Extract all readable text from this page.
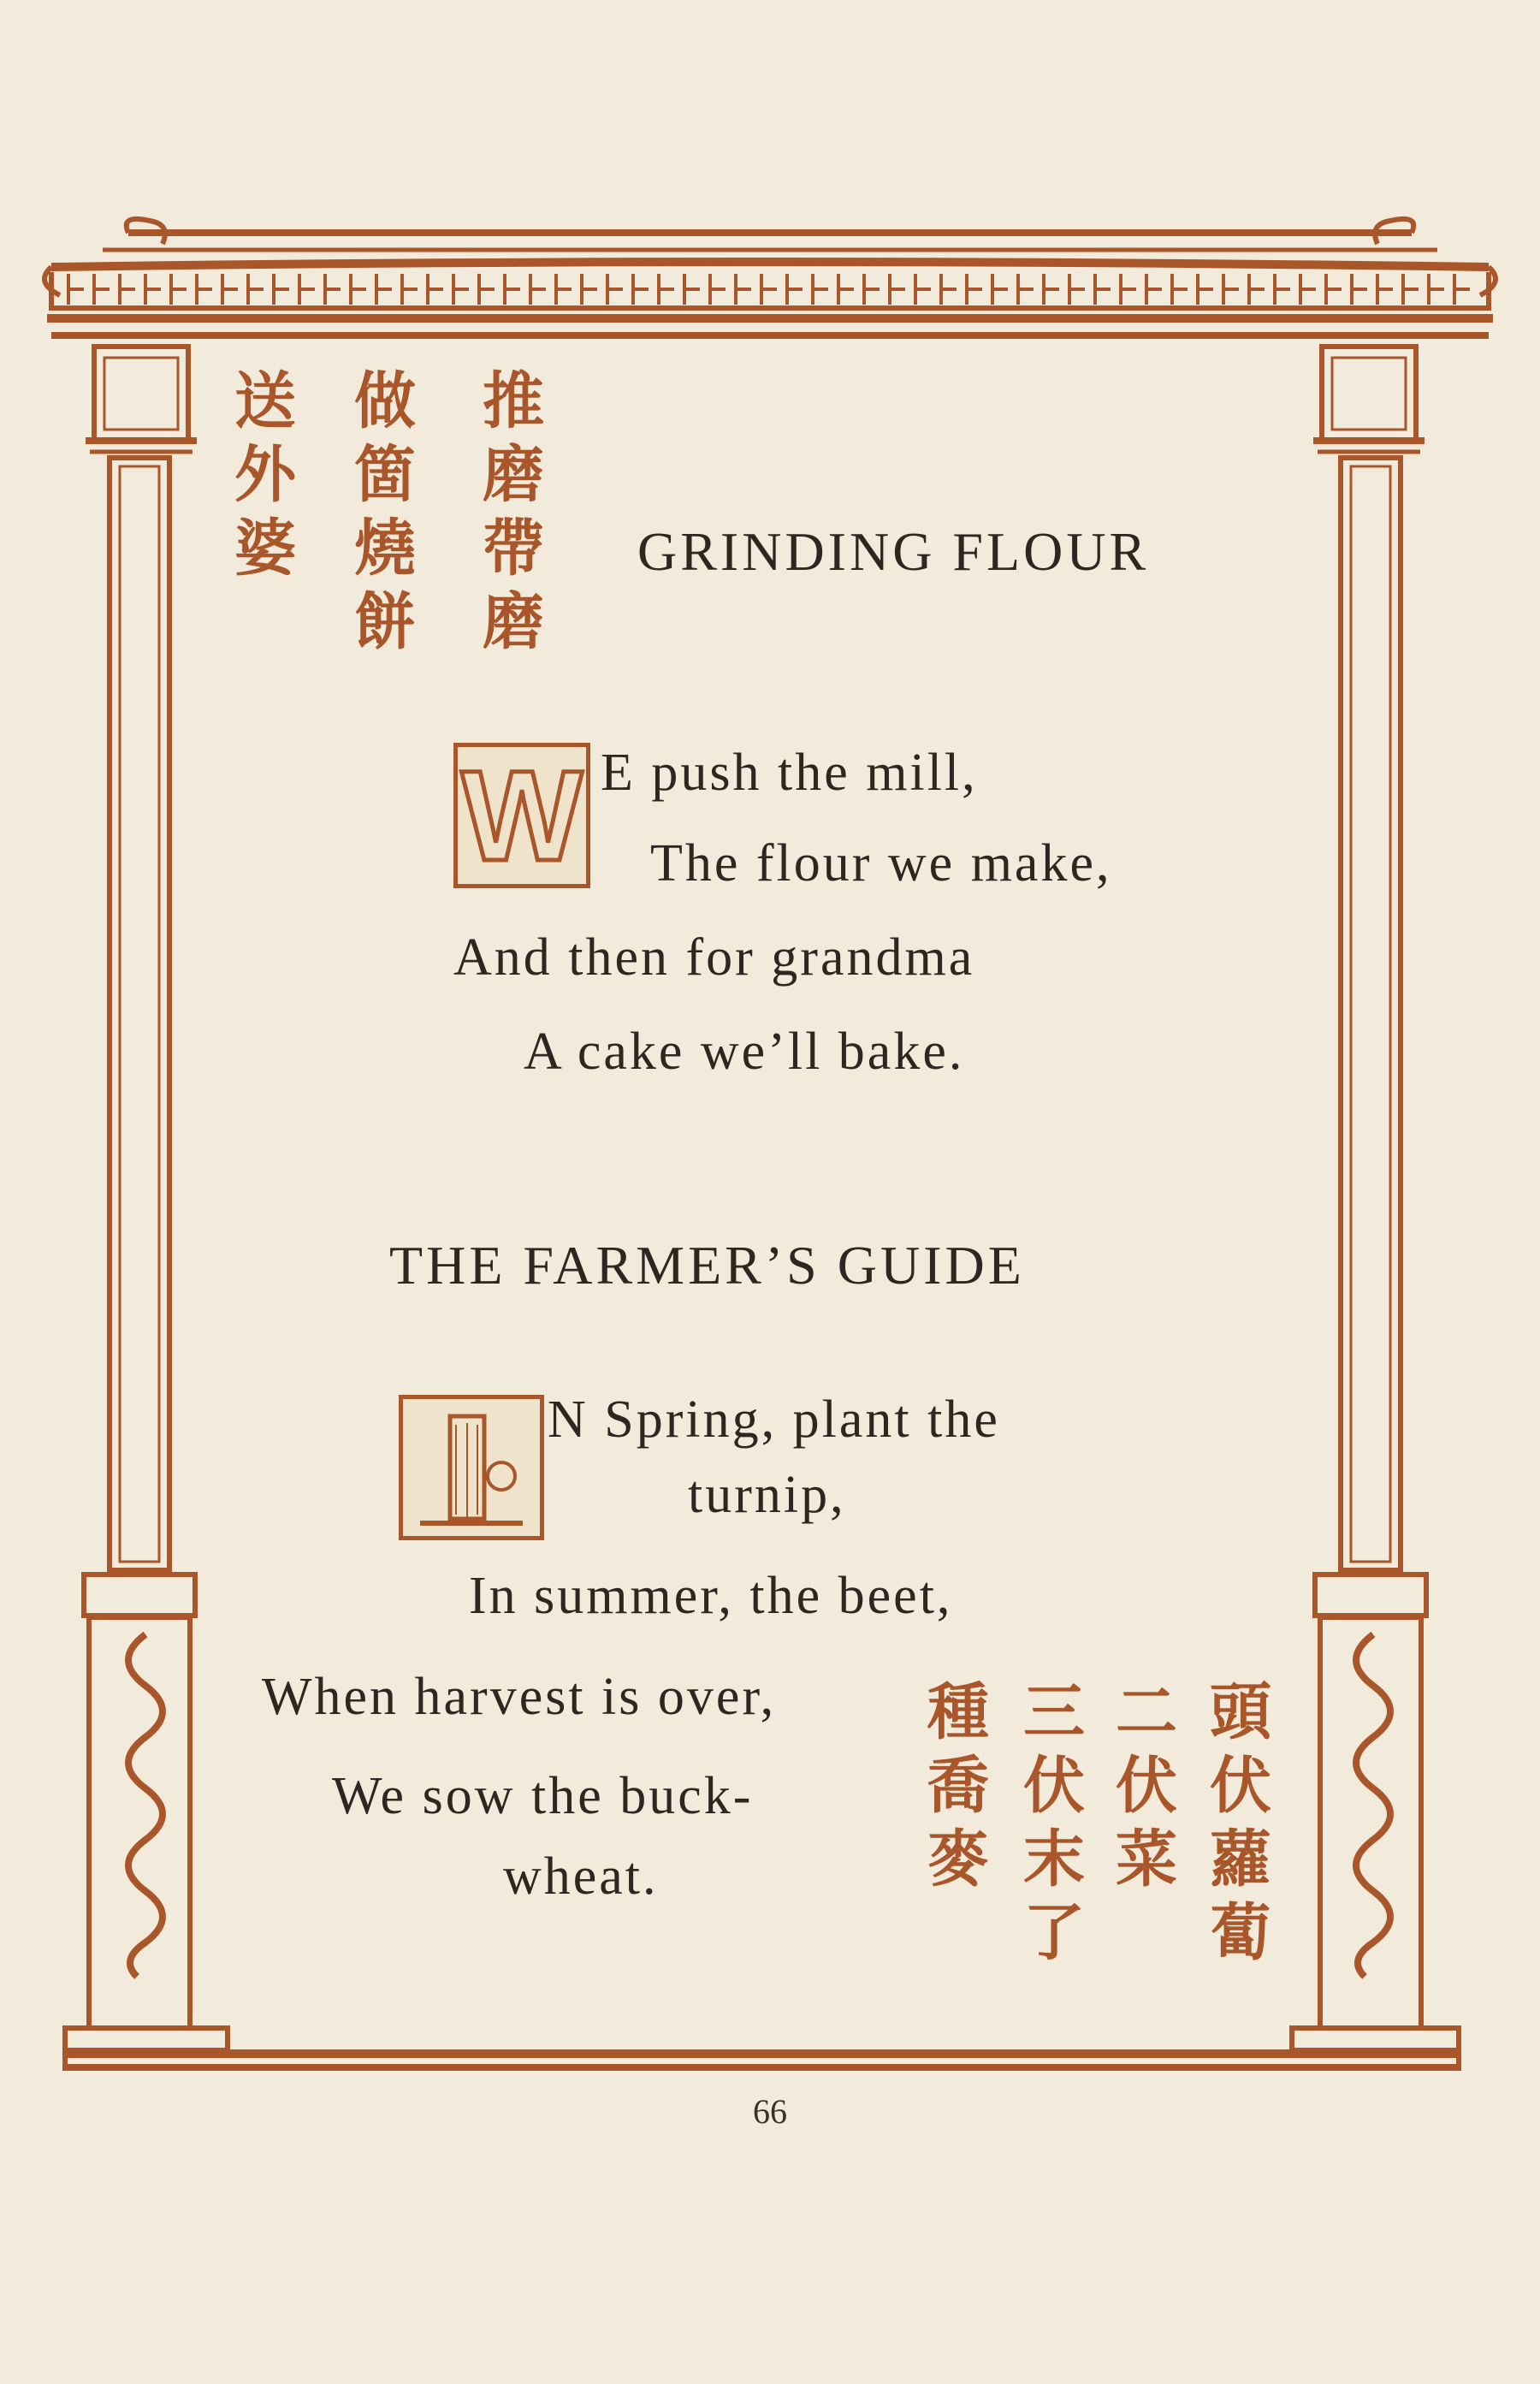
推磨帶磨
做箇燒餅
送外婆	GRINDING FLOUR
W E push the mill,
The flour we make,
And then for grandma
A cake we’ll bake.
THE FARMER’S GUIDE
N Spring, plant the
turnip,
In summer, the beet,
When harvest is over,
We sow the buck-
wheat.	頭伏蘿蔔
二伏菜
三伏末了
種喬麥
66
